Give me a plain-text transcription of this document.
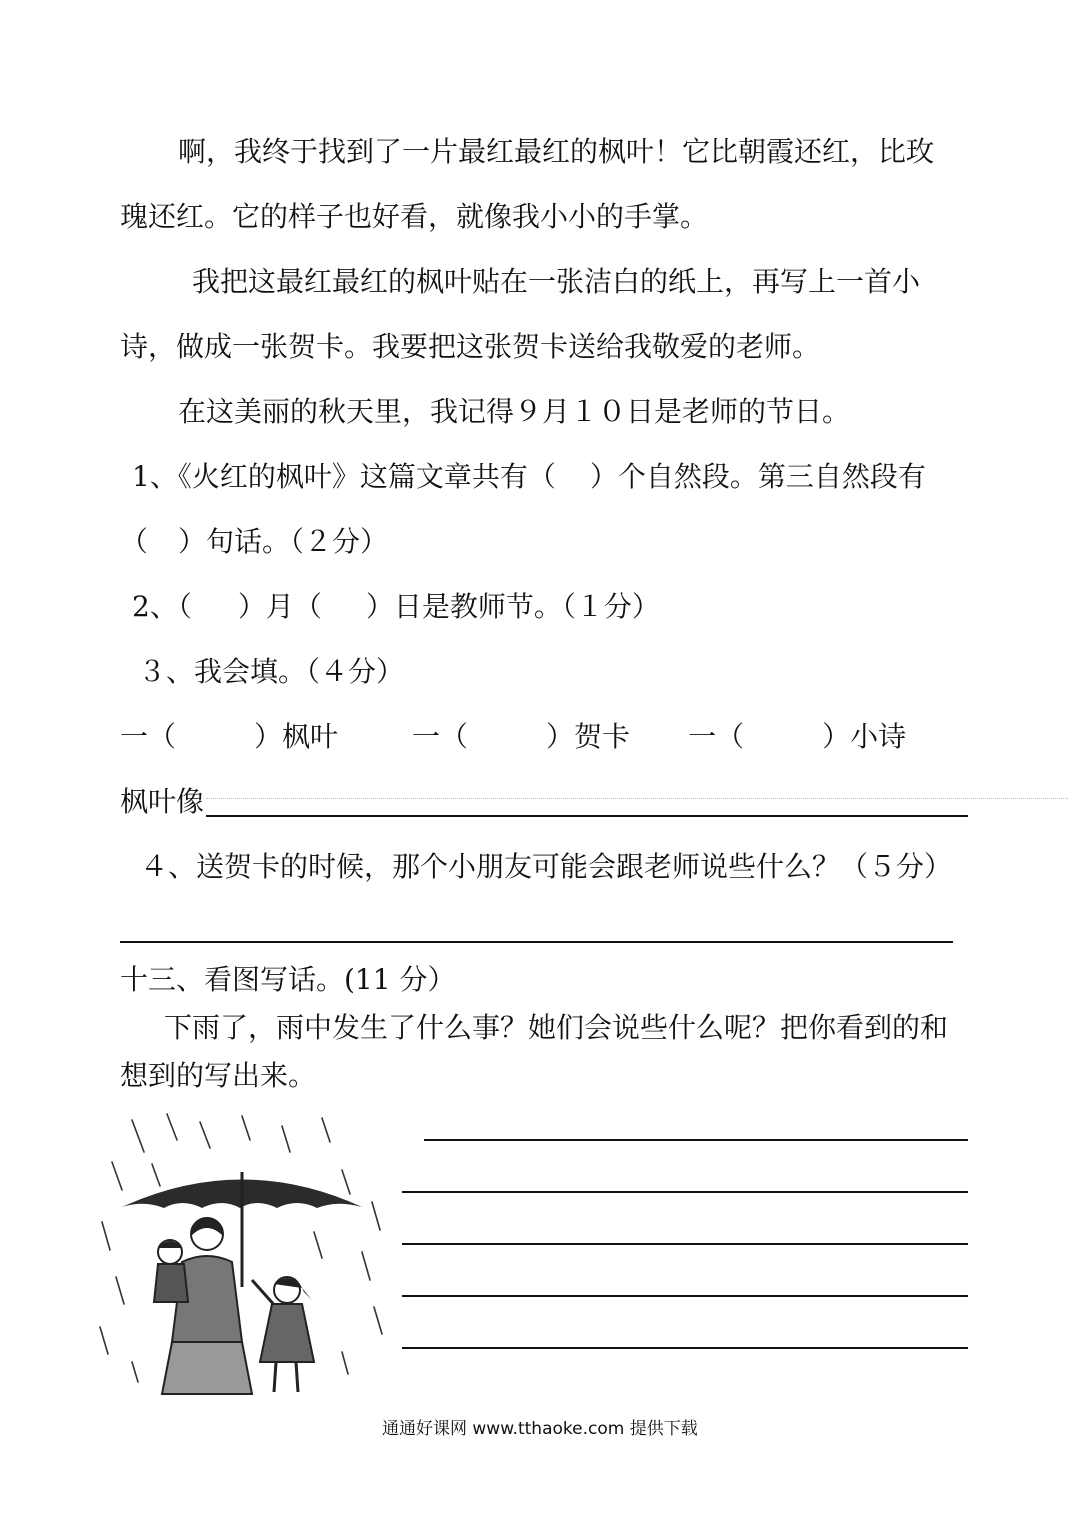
啊，我终于找到了一片最红最红的枫叶！它比朝霞还红，比玫
瑰还红。它的样子也好看，就像我小小的手掌。
我把这最红最红的枫叶贴在一张洁白的纸上，再写上一首小
诗，做成一张贺卡。我要把这张贺卡送给我敬爱的老师。
在这美丽的秋天里，我记得９月１０日是老师的节日。
1、《火红的枫叶》这篇文章共有（ ）个自然段。第三自然段有
（ ）句话。（２分）
2、（ ）月（ ）日是教师节。（１分）
３、我会填。（４分）
一（	）枫叶	一（	）贺卡 一（	）小诗
枫叶像
４、送贺卡的时候，那个小朋友可能会跟老师说些什么？（５分）
十三、看图写话。(11 分）
下雨了，雨中发生了什么事？她们会说些什么呢？把你看到的和
想到的写出来。
通通好课网 www.tthaoke.com 提供下载
